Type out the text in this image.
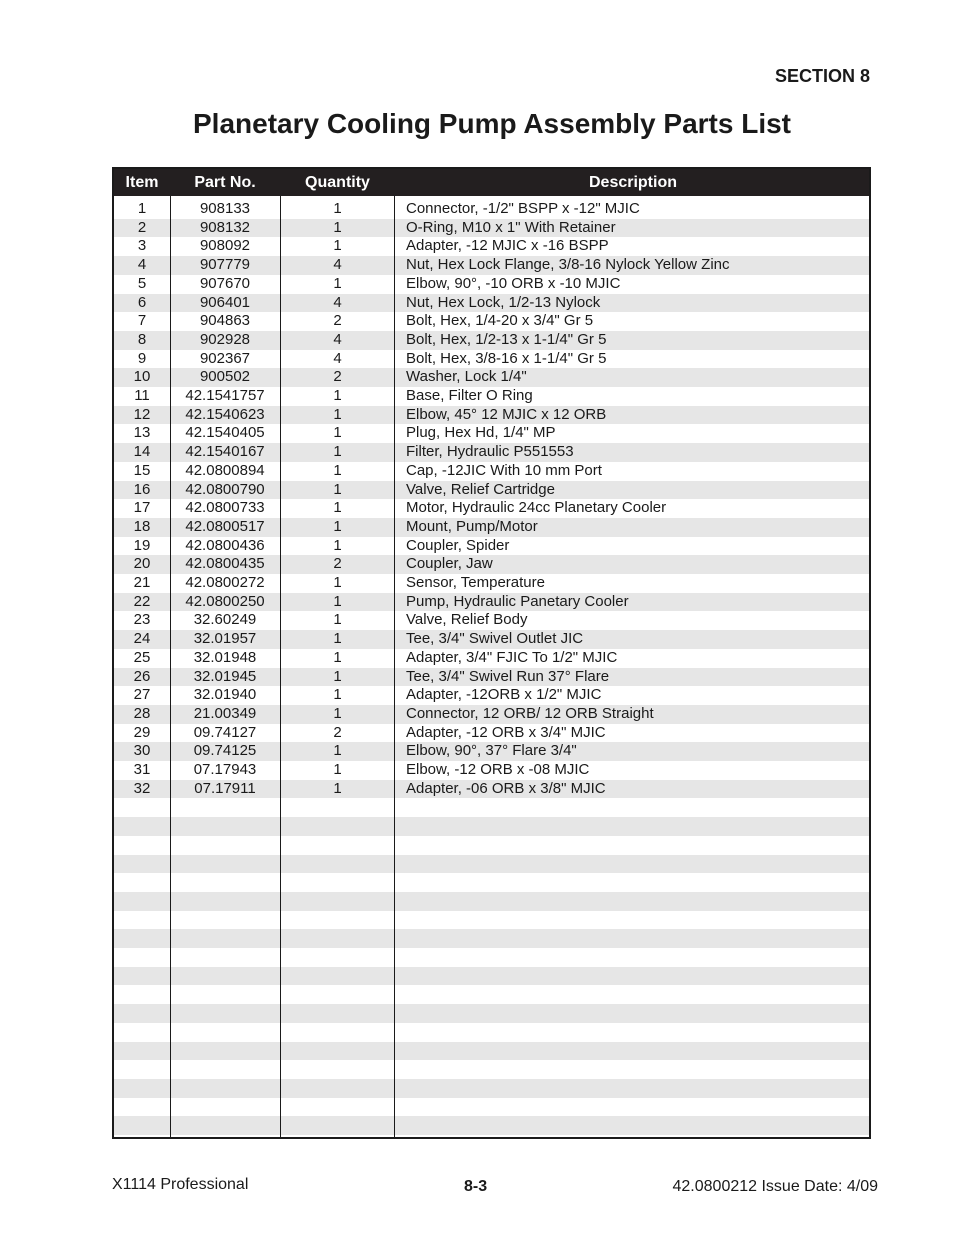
SECTION 8
Planetary Cooling Pump Assembly Parts List
Item	Part No.	Quantity	Description
1	908133	1	Connector, -1/2" BSPP x -12" MJIC
2	908132	1	O-Ring, M10 x 1" With Retainer
3	908092	1	Adapter, -12 MJIC x -16 BSPP
4	907779	4	Nut, Hex Lock Flange, 3/8-16 Nylock Yellow Zinc
5	907670	1	Elbow, 90°, -10 ORB x -10 MJIC
6	906401	4	Nut, Hex Lock, 1/2-13 Nylock
7	904863	2	Bolt, Hex, 1/4-20 x 3/4" Gr 5
8	902928	4	Bolt, Hex, 1/2-13 x 1-1/4" Gr 5
9	902367	4	Bolt, Hex, 3/8-16 x 1-1/4" Gr 5
10	900502	2	Washer, Lock 1/4"
11	42.1541757	1	Base, Filter O Ring
12	42.1540623	1	Elbow, 45° 12 MJIC x 12 ORB
13	42.1540405	1	Plug, Hex Hd, 1/4" MP
14	42.1540167	1	Filter, Hydraulic P551553
15	42.0800894	1	Cap, -12JIC With 10 mm Port
16	42.0800790	1	Valve, Relief Cartridge
17	42.0800733	1	Motor, Hydraulic 24cc Planetary Cooler
18	42.0800517	1	Mount, Pump/Motor
19	42.0800436	1	Coupler, Spider
20	42.0800435	2	Coupler, Jaw
21	42.0800272	1	Sensor, Temperature
22	42.0800250	1	Pump, Hydraulic Panetary Cooler
23	32.60249	1	Valve, Relief Body
24	32.01957	1	Tee, 3/4" Swivel Outlet JIC
25	32.01948	1	Adapter, 3/4" FJIC To 1/2" MJIC
26	32.01945	1	Tee, 3/4" Swivel Run 37° Flare
27	32.01940	1	Adapter, -12ORB x 1/2" MJIC
28	21.00349	1	Connector, 12 ORB/ 12 ORB Straight
29	09.74127	2	Adapter, -12 ORB x 3/4" MJIC
30	09.74125	1	Elbow, 90°, 37° Flare 3/4"
31	07.17943	1	Elbow, -12 ORB x -08 MJIC
32	07.17911	1	Adapter, -06 ORB x 3/8" MJIC
X1114 Professional	8-3	42.0800212 Issue Date: 4/09
